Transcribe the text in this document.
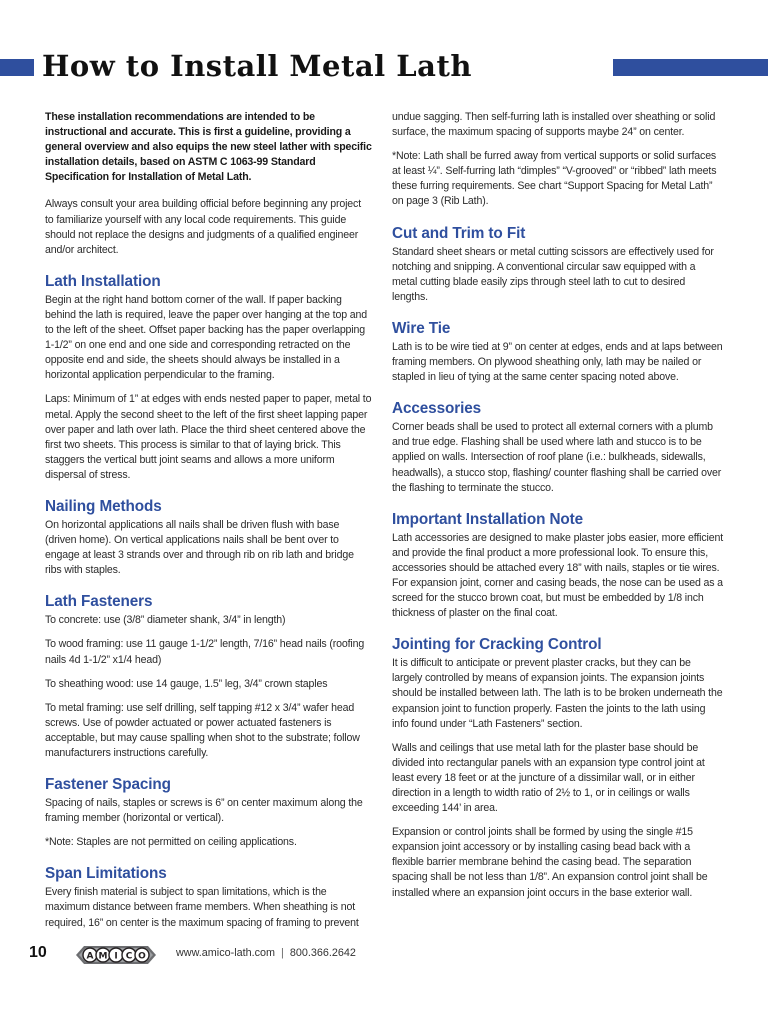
How to Install Metal Lath

These installation recommendations are intended to be instructional and accurate. This is first a guideline, providing a general overview and also equips the new steel lather with specific installation details, based on ASTM C 1063-99 Standard Specification for Installation of Metal Lath.

Always consult your area building official before beginning any project to familiarize yourself with any local code requirements. This guide should not replace the designs and judgments of a qualified engineer and/or architect.

Lath Installation

Begin at the right hand bottom corner of the wall. If paper backing behind the lath is required, leave the paper over hanging at the top and to the left of the sheet. Offset paper backing has the paper overlapping 1-1/2” on one end and one side and corresponding retracted on the opposite end and side, the sheets should always be installed in a horizontal application perpendicular to the framing.

Laps: Minimum of 1” at edges with ends nested paper to paper, metal to metal. Apply the second sheet to the left of the first sheet lapping paper over paper and lath over lath. Place the third sheet centered above the first two sheets. This process is similar to that of laying brick. This staggers the vertical butt joint seams and allows a more uniform dispersal of stress.

Nailing Methods

On horizontal applications all nails shall be driven flush with base (driven home). On vertical applications nails shall be bent over to engage at least 3 strands over and through rib on rib lath and bridge ribs with staples.

Lath Fasteners

To concrete: use (3/8” diameter shank, 3/4” in length)

To wood framing: use 11 gauge 1-1/2” length, 7/16” head nails (roofing nails 4d 1-1/2” x1/4 head)

To sheathing wood: use 14 gauge, 1.5” leg, 3/4” crown staples

To metal framing: use self drilling, self tapping #12 x 3/4” wafer head screws. Use of powder actuated or power actuated fasteners is acceptable, but may cause spalling when shot to the substrate; follow manufacturers instructions carefully.

Fastener Spacing

Spacing of nails, staples or screws is 6” on center maximum along the framing member (horizontal or vertical).

*Note: Staples are not permitted on ceiling applications.

Span Limitations

Every finish material is subject to span limitations, which is the maximum distance between frame members. When sheathing is not required, 16” on center is the maximum spacing of framing to prevent

undue sagging. Then self-furring lath is installed over sheathing or solid surface, the maximum spacing of supports maybe 24” on center.

*Note: Lath shall be furred away from vertical supports or solid surfaces at least ¼”. Self-furring lath “dimples” “V-grooved” or “ribbed” lath meets these furring requirements. See chart “Support Spacing for Metal Lath” on page 3 (Rib Lath).

Cut and Trim to Fit

Standard sheet shears or metal cutting scissors are effectively used for notching and snipping. A conventional circular saw equipped with a metal cutting blade easily zips through steel lath to cut to desired lengths.

Wire Tie

Lath is to be wire tied at 9” on center at edges, ends and at laps between framing members. On plywood sheathing only, lath may be nailed or stapled in lieu of tying at the same center spacing noted above.

Accessories

Corner beads shall be used to protect all external corners with a plumb and true edge. Flashing shall be used where lath and stucco is to be applied on walls. Intersection of roof plane (i.e.: bulkheads, sidewalls, headwalls), a stucco stop, flashing/ counter flashing shall be carried over the flashing to terminate the stucco.

Important Installation Note

Lath accessories are designed to make plaster jobs easier, more efficient and provide the final product a more professional look. To ensure this, accessories should be attached every 18” with nails, staples or tie wires. For expansion joint, corner and casing beads, the nose can be used as a screed for the stucco brown coat, but must be embedded by 1/8 inch thickness of plaster on the final coat.

Jointing for Cracking Control

It is difficult to anticipate or prevent plaster cracks, but they can be largely controlled by means of expansion joints. The expansion joints should be installed between lath. The lath is to be broken underneath the expansion joint to function properly. Fasten the joints to the lath using info found under “Lath Fasteners” section.

Walls and ceilings that use metal lath for the plaster base should be divided into rectangular panels with an expansion type control joint at least every 18 feet or at the juncture of a dissimilar wall, or in either direction in a length to width ratio of 2½ to 1, or in ceilings or walls exceeding 144’ in area.

Expansion or control joints shall be formed by using the single #15 expansion joint accessory or by installing casing bead back with a flexible barrier membrane behind the casing bead. The separation spacing shall be not less than 1/8”. An expansion control joint shall be installed where an expansion joint occurs in the base exterior wall.

10	A M I C O	www.amico-lath.com | 800.366.2642
